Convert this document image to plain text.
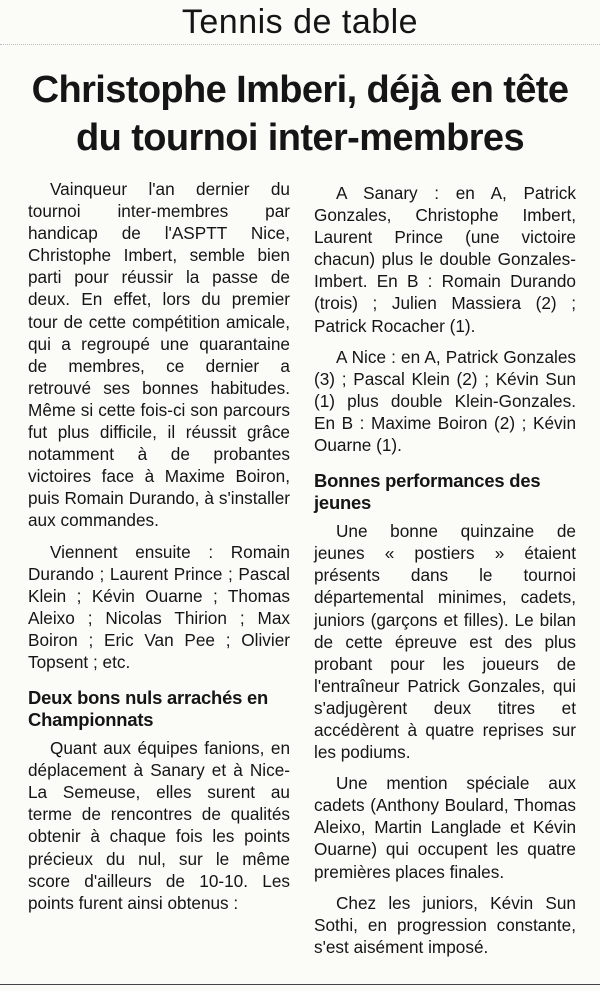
Tennis de table
Christophe Imberi, déjà en tête du tournoi inter-membres

Vainqueur l'an dernier du tournoi inter-membres par handicap de l'ASPTT Nice, Christophe Imbert, semble bien parti pour réussir la passe de deux. En effet, lors du premier tour de cette compétition amicale, qui a regroupé une quarantaine de membres, ce dernier a retrouvé ses bonnes habitudes. Même si cette fois-ci son parcours fut plus difficile, il réussit grâce notamment à de probantes victoires face à Maxime Boiron, puis Romain Durando, à s'installer aux commandes.

Viennent ensuite : Romain Durando ; Laurent Prince ; Pascal Klein ; Kévin Ouarne ; Thomas Aleixo ; Nicolas Thirion ; Max Boiron ; Eric Van Pee ; Olivier Topsent ; etc.

Deux bons nuls arrachés en Championnats

Quant aux équipes fanions, en déplacement à Sanary et à Nice-La Semeuse, elles surent au terme de rencontres de qualités obtenir à chaque fois les points précieux du nul, sur le même score d'ailleurs de 10-10. Les points furent ainsi obtenus :

A Sanary : en A, Patrick Gonzales, Christophe Imbert, Laurent Prince (une victoire chacun) plus le double Gonzales-Imbert. En B : Romain Durando (trois) ; Julien Massiera (2) ; Patrick Rocacher (1).

A Nice : en A, Patrick Gonzales (3) ; Pascal Klein (2) ; Kévin Sun (1) plus double Klein-Gonzales. En B : Maxime Boiron (2) ; Kévin Ouarne (1).

Bonnes performances des jeunes

Une bonne quinzaine de jeunes « postiers » étaient présents dans le tournoi départemental minimes, cadets, juniors (garçons et filles). Le bilan de cette épreuve est des plus probant pour les joueurs de l'entraîneur Patrick Gonzales, qui s'adjugèrent deux titres et accédèrent à quatre reprises sur les podiums.

Une mention spéciale aux cadets (Anthony Boulard, Thomas Aleixo, Martin Langlade et Kévin Ouarne) qui occupent les quatre premières places finales.

Chez les juniors, Kévin Sun Sothi, en progression constante, s'est aisément imposé.
